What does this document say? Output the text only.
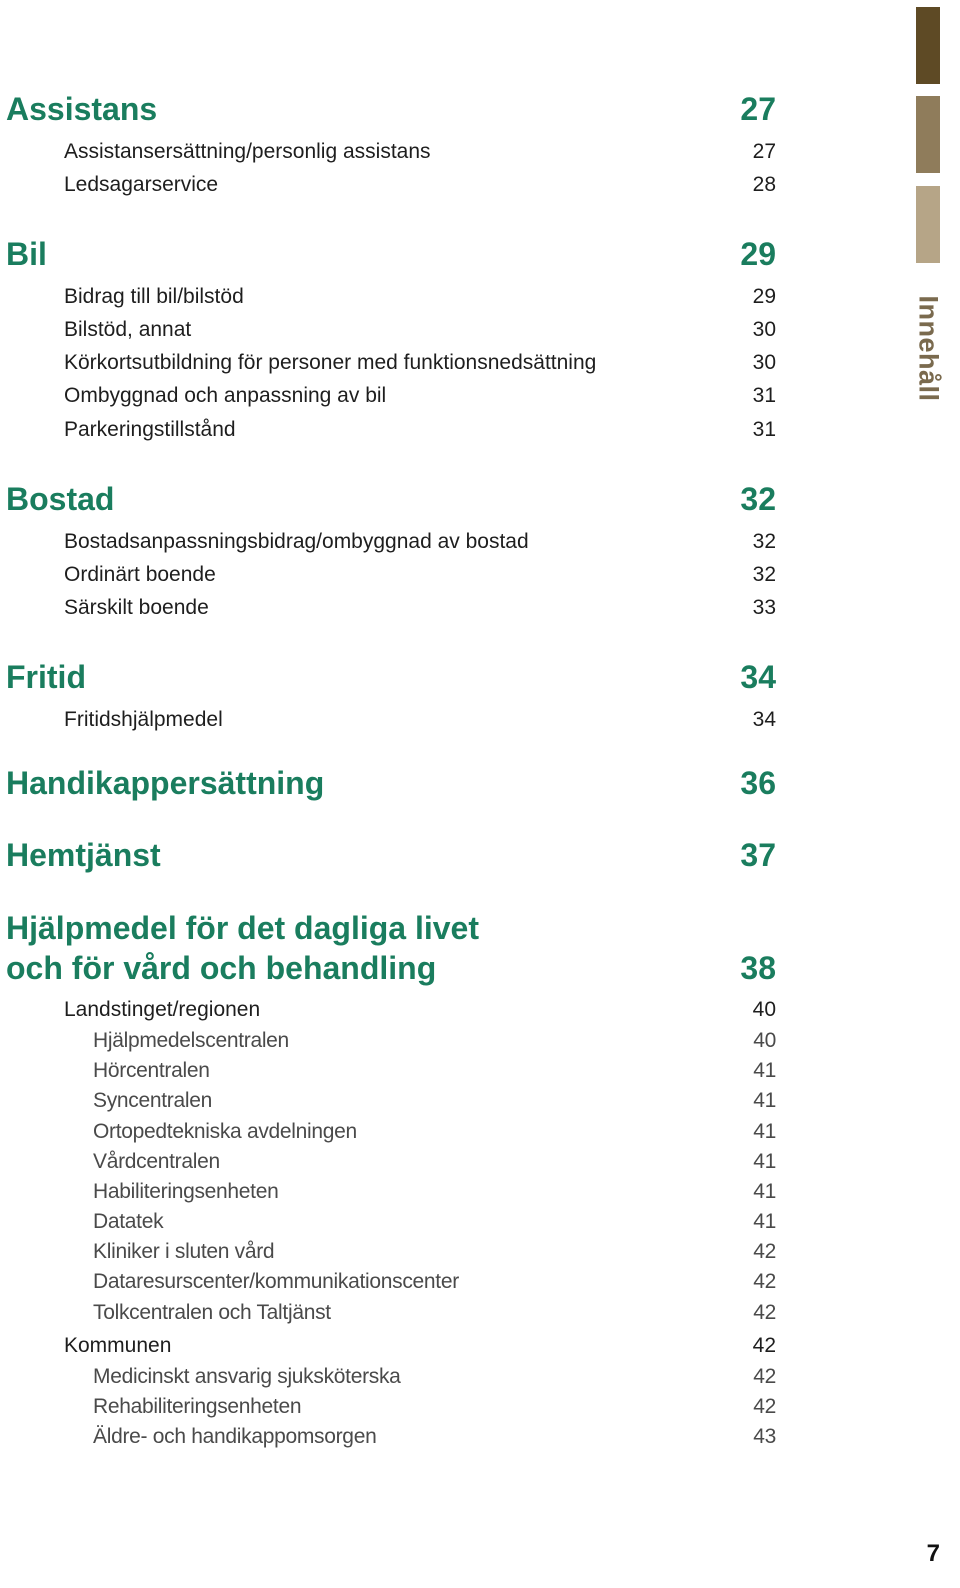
Innehåll
Assistans	27
Assistansersättning/personlig assistans	27
Ledsagarservice	28
Bil	29
Bidrag till bil/bilstöd	29
Bilstöd, annat	30
Körkortsutbildning för personer med funktionsnedsättning	30
Ombyggnad och anpassning av bil	31
Parkeringstillstånd	31
Bostad	32
Bostadsanpassningsbidrag/ombyggnad av bostad	32
Ordinärt boende	32
Särskilt boende	33
Fritid	34
Fritidshjälpmedel	34
Handikappersättning	36
Hemtjänst	37
Hjälpmedel för det dagliga livet
och för vård och behandling	38
Landstinget/regionen	40
Hjälpmedelscentralen	40
Hörcentralen	41
Syncentralen	41
Ortopedtekniska avdelningen	41
Vårdcentralen	41
Habiliteringsenheten	41
Datatek	41
Kliniker i sluten vård	42
Dataresurscenter/kommunikationscenter	42
Tolkcentralen och Taltjänst	42
Kommunen	42
Medicinskt ansvarig sjuksköterska	42
Rehabiliteringsenheten	42
Äldre- och handikappomsorgen	43
7
